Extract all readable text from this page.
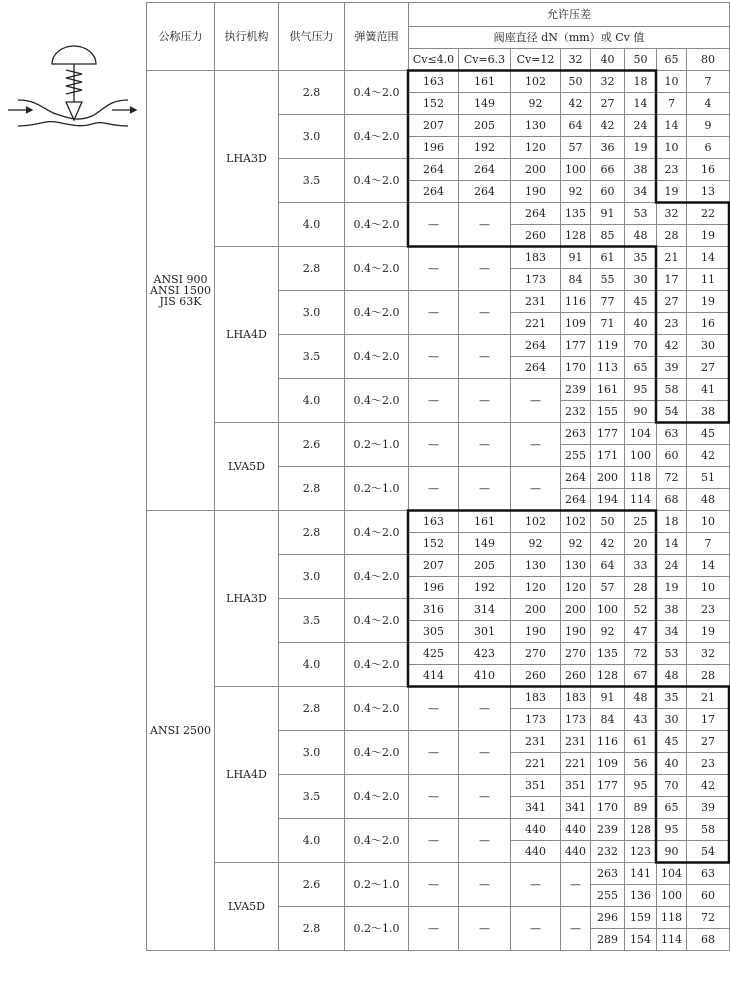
公称压力	执行机构	供气压力	弹簧范围	允许压差							
				阀座直径 dN（mm）或 Cv 值							
				Cv≤4.0	Cv=6.3	Cv=12	32	40	50	65	80

ANSI 900
ANSI 1500
JIS 63K	LHA3D	2.8	0.4～2.0	163	161	102	50	32	18	10	7
				152	149	92	42	27	14	7	4
		3.0	0.4～2.0	207	205	130	64	42	24	14	9
				196	192	120	57	36	19	10	6
		3.5	0.4～2.0	264	264	200	100	66	38	23	16
				264	264	190	92	60	34	19	13
		4.0	0.4～2.0	—	—	264	135	91	53	32	22
						260	128	85	48	28	19
	LHA4D	2.8	0.4～2.0	—	—	183	91	61	35	21	14
						173	84	55	30	17	11
		3.0	0.4～2.0	—	—	231	116	77	45	27	19
						221	109	71	40	23	16
		3.5	0.4～2.0	—	—	264	177	119	70	42	30
						264	170	113	65	39	27
		4.0	0.4～2.0	—	—	—	239	161	95	58	41
							232	155	90	54	38
	LVA5D	2.6	0.2～1.0	—	—	—	263	177	104	63	45
							255	171	100	60	42
		2.8	0.2～1.0	—	—	—	264	200	118	72	51
							264	194	114	68	48

ANSI 2500	LHA3D	2.8	0.4～2.0	163	161	102	102	50	25	18	10
				152	149	92	92	42	20	14	7
		3.0	0.4～2.0	207	205	130	130	64	33	24	14
				196	192	120	120	57	28	19	10
		3.5	0.4～2.0	316	314	200	200	100	52	38	23
				305	301	190	190	92	47	34	19
		4.0	0.4～2.0	425	423	270	270	135	72	53	32
				414	410	260	260	128	67	48	28
	LHA4D	2.8	0.4～2.0	—	—	183	183	91	48	35	21
						173	173	84	43	30	17
		3.0	0.4～2.0	—	—	231	231	116	61	45	27
						221	221	109	56	40	23
		3.5	0.4～2.0	—	—	351	351	177	95	70	42
						341	341	170	89	65	39
		4.0	0.4～2.0	—	—	440	440	239	128	95	58
						440	440	232	123	90	54
	LVA5D	2.6	0.2～1.0	—	—	—	—	263	141	104	63
								255	136	100	60
		2.8	0.2～1.0	—	—	—	—	296	159	118	72
								289	154	114	68
